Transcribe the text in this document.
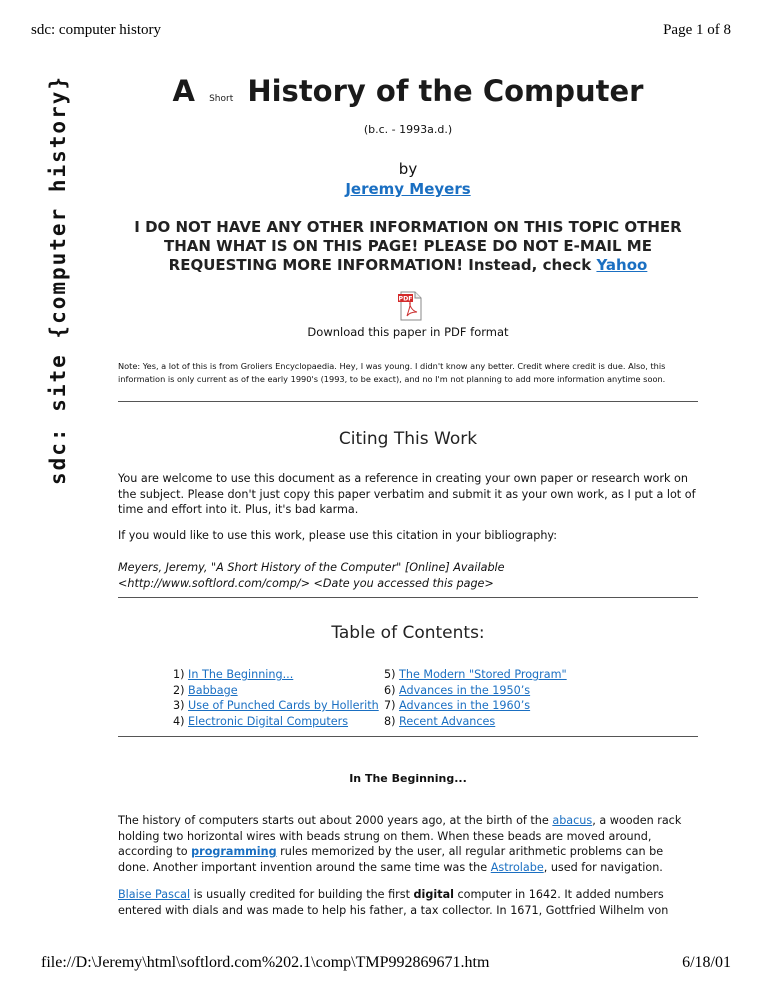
sdc: computer history	Page 1 of 8
sdc: site {computer history}	A Short History of the Computer
(b.c. - 1993a.d.)
by
Jeremy Meyers
I DO NOT HAVE ANY OTHER INFORMATION ON THIS TOPIC OTHER THAN WHAT IS ON THIS PAGE! PLEASE DO NOT E-MAIL ME REQUESTING MORE INFORMATION! Instead, check Yahoo
PDF
Download this paper in PDF format
Note: Yes, a lot of this is from Groliers Encyclopaedia. Hey, I was young. I didn't know any better. Credit where credit is due. Also, this information is only current as of the early 1990's (1993, to be exact), and no I'm not planning to add more information anytime soon.
Citing This Work
You are welcome to use this document as a reference in creating your own paper or research work on the subject. Please don't just copy this paper verbatim and submit it as your own work, as I put a lot of time and effort into it. Plus, it's bad karma.
If you would like to use this work, please use this citation in your bibliography:
Meyers, Jeremy, "A Short History of the Computer" [Online] Available
<http://www.softlord.com/comp/> <Date you accessed this page>
Table of Contents:
1) In The Beginning...
2) Babbage
3) Use of Punched Cards by Hollerith
4) Electronic Digital Computers
5) The Modern "Stored Program"
6) Advances in the 1950’s
7) Advances in the 1960’s
8) Recent Advances
In The Beginning...
The history of computers starts out about 2000 years ago, at the birth of the abacus, a wooden rack holding two horizontal wires with beads strung on them. When these beads are moved around, according to programming rules memorized by the user, all regular arithmetic problems can be done. Another important invention around the same time was the Astrolabe, used for navigation.
Blaise Pascal is usually credited for building the first digital computer in 1642. It added numbers entered with dials and was made to help his father, a tax collector. In 1671, Gottfried Wilhelm von
file://D:\Jeremy\html\softlord.com%202.1\comp\TMP992869671.htm	6/18/01
